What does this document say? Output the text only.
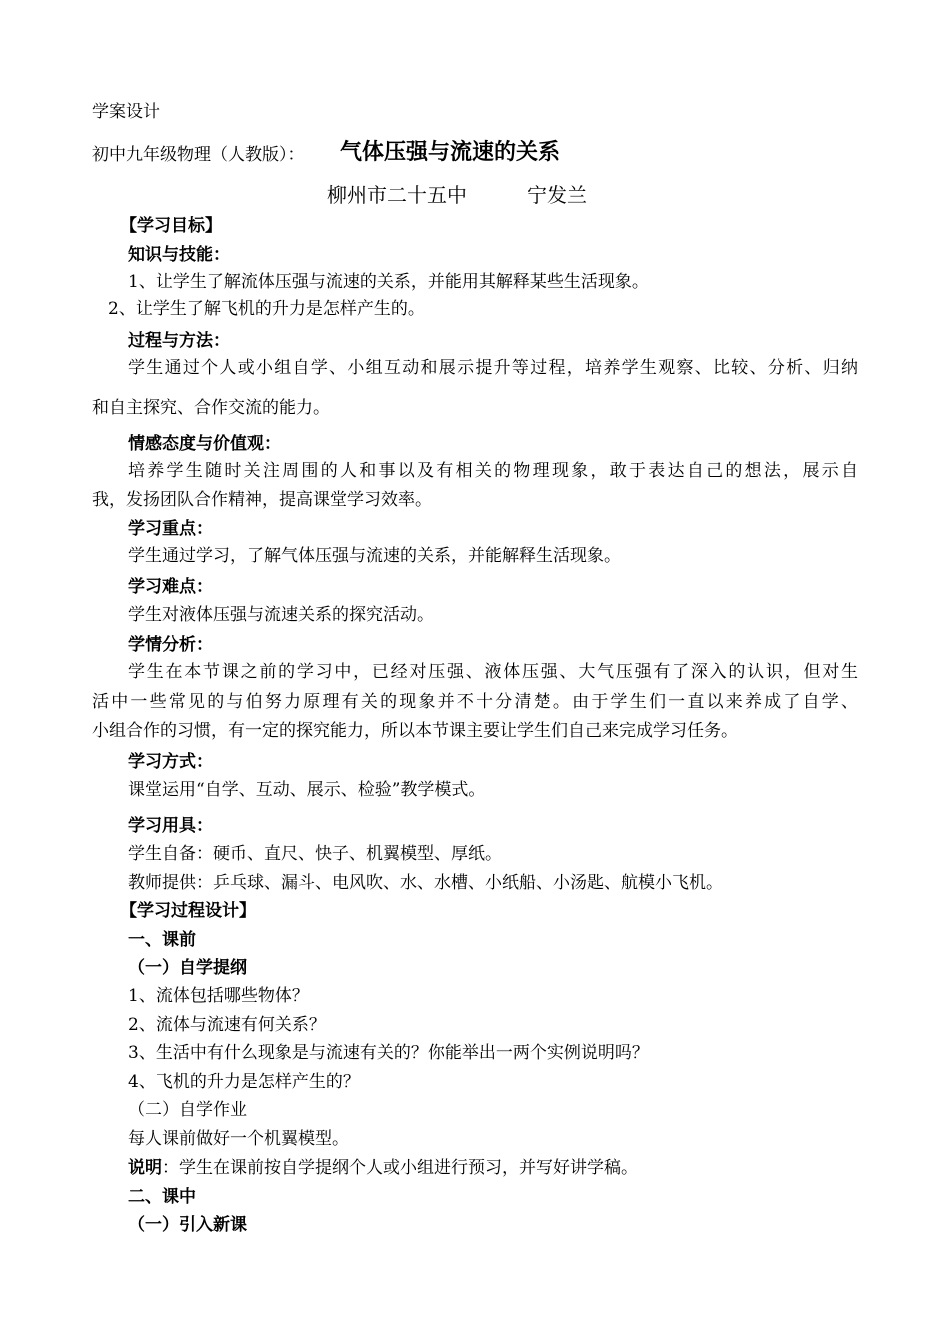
学案设计
初中九年级物理（人教版）： 气体压强与流速的关系
柳州市二十五中	宁发兰
【学习目标】
知识与技能：
1、让学生了解流体压强与流速的关系，并能用其解释某些生活现象。
2、让学生了解飞机的升力是怎样产生的。
过程与方法：
学生通过个人或小组自学、小组互动和展示提升等过程，培养学生观察、比较、分析、归纳
和自主探究、合作交流的能力。
情感态度与价值观：
培养学生随时关注周围的人和事以及有相关的物理现象，敢于表达自己的想法，展示自
我，发扬团队合作精神，提高课堂学习效率。
学习重点：
学生通过学习，了解气体压强与流速的关系，并能解释生活现象。
学习难点：
学生对液体压强与流速关系的探究活动。
学情分析：
学生在本节课之前的学习中，已经对压强、液体压强、大气压强有了深入的认识，但对生
活中一些常见的与伯努力原理有关的现象并不十分清楚。由于学生们一直以来养成了自学、
小组合作的习惯，有一定的探究能力，所以本节课主要让学生们自己来完成学习任务。
学习方式：
课堂运用“自学、互动、展示、检验”教学模式。
学习用具：
学生自备：硬币、直尺、快子、机翼模型、厚纸。
教师提供：乒乓球、漏斗、电风吹、水、水槽、小纸船、小汤匙、航模小飞机。
【学习过程设计】
一、课前
（一）自学提纲
1、流体包括哪些物体？
2、流体与流速有何关系？
3、生活中有什么现象是与流速有关的？你能举出一两个实例说明吗？
4、飞机的升力是怎样产生的？
（二）自学作业
每人课前做好一个机翼模型。
说明：学生在课前按自学提纲个人或小组进行预习，并写好讲学稿。
二、课中
（一）引入新课
